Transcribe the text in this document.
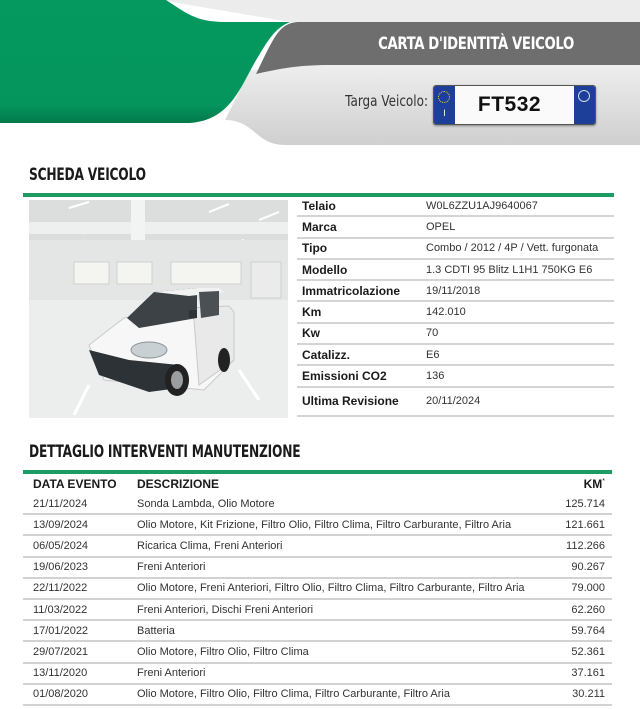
CARTA D'IDENTITÀ VEICOLO
Targa Veicolo:
I	FT532
SCHEDA VEICOLO
Telaio	W0L6ZZU1AJ9640067
Marca	OPEL
Tipo	Combo / 2012 / 4P / Vett. furgonata
Modello	1.3 CDTI 95 Blitz L1H1 750KG E6
Immatricolazione	19/11/2018
Km	142.010
Kw	70
Catalizz.	E6
Emissioni CO2	136
Ultima Revisione	20/11/2024
DETTAGLIO INTERVENTI MANUTENZIONE
DATA EVENTO	DESCRIZIONE	KM*
21/11/2024	Sonda Lambda, Olio Motore	125.714
13/09/2024	Olio Motore, Kit Frizione, Filtro Olio, Filtro Clima, Filtro Carburante, Filtro Aria	121.661
06/05/2024	Ricarica Clima, Freni Anteriori	112.266
19/06/2023	Freni Anteriori	90.267
22/11/2022	Olio Motore, Freni Anteriori, Filtro Olio, Filtro Clima, Filtro Carburante, Filtro Aria	79.000
11/03/2022	Freni Anteriori, Dischi Freni Anteriori	62.260
17/01/2022	Batteria	59.764
29/07/2021	Olio Motore, Filtro Olio, Filtro Clima	52.361
13/11/2020	Freni Anteriori	37.161
01/08/2020	Olio Motore, Filtro Olio, Filtro Clima, Filtro Carburante, Filtro Aria	30.211
